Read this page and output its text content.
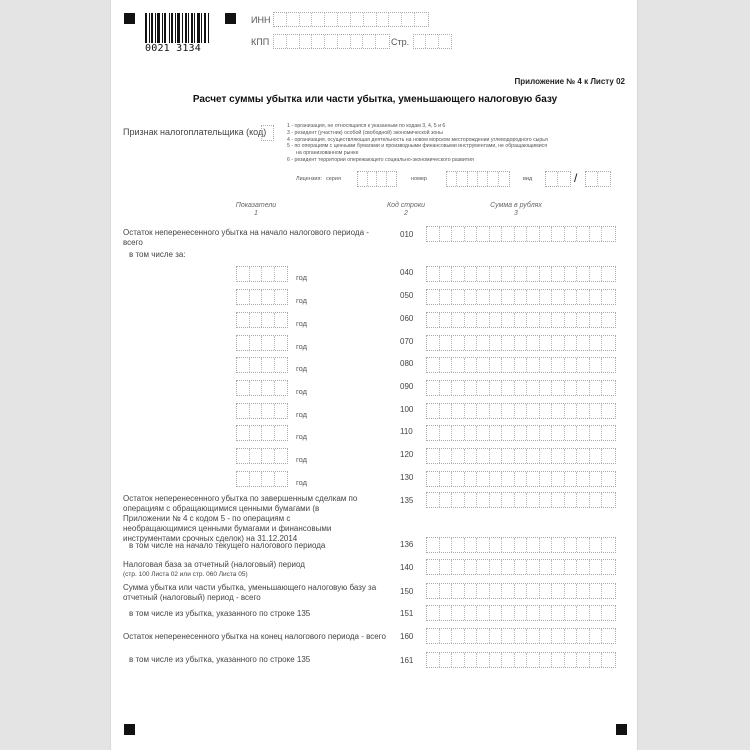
0021 3134
ИНН
КПП	Стр.
Приложение № 4 к Листу 02
Расчет суммы убытка или части убытка, уменьшающего налоговую базу
Признак налогоплательщика (код)
1 - организация, не относящаяся к указанным по кодам 3, 4, 5 и 6
3 - резидент (участник) особой (свободной) экономической зоны
4 - организация, осуществляющая деятельность на новом морском месторождении углеводородного сырья
5 - по операциям с ценными бумагами и производными финансовыми инструментами, не обращающимися
на организованном рынке
6 - резидент территории опережающего социально-экономического развития
Лицензия: серия	номер	вид	/
Показатели
1
Код строки
2
Сумма в рублях
3
Остаток неперенесенного убытка на начало налогового периода - всего
010
в том числе за:
Остаток неперенесенного убытка по завершенным сделкам по операциям с обращающимися ценными бумагами (в Приложении № 4 с кодом 5 - по операциям с необращающимися ценными бумагами и финансовыми инструментами срочных сделок) на 31.12.2014
135
в том числе на начало текущего налогового периода	136
Налоговая база за отчетный (налоговый) период
(стр. 100 Листа 02 или стр. 060 Листа 05)
140
Сумма убытка или части убытка, уменьшающего налоговую базу за отчетный (налоговый) период - всего
150
в том числе из убытка, указанного по строке 135	151
Остаток неперенесенного убытка на конец налогового периода - всего	160
в том числе из убытка, указанного по строке 135	161
год
040
год
050
год
060
год
070
год
080
год
090
год
100
год
110
год
120
год
130
